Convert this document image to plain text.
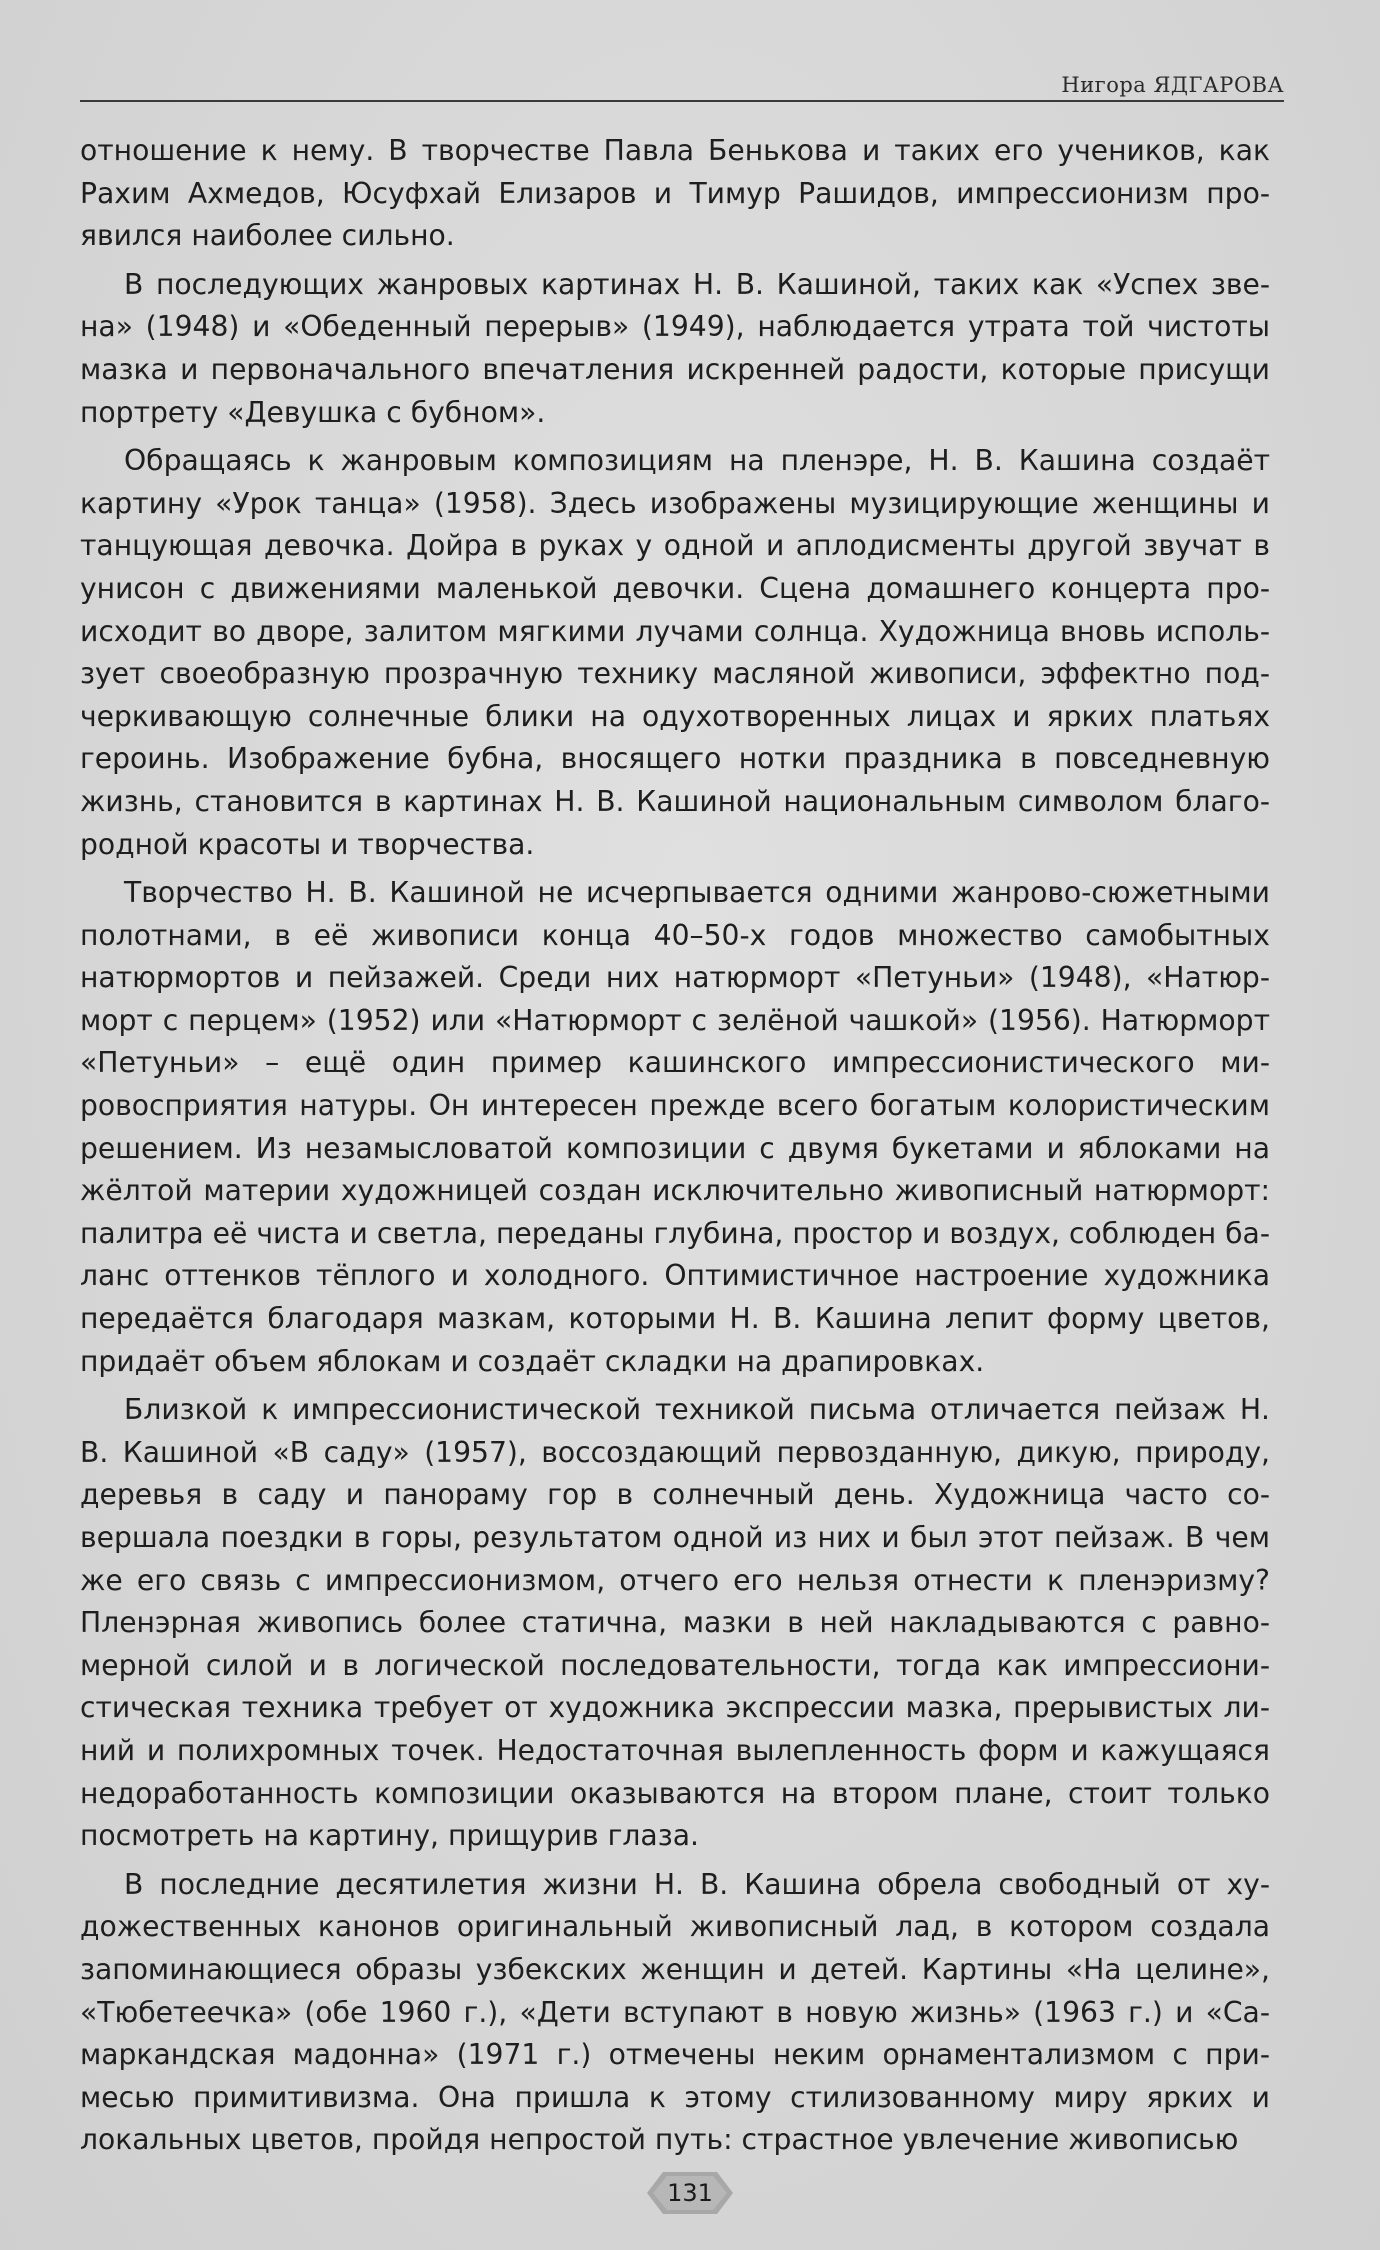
Нигора ЯДГАРОВА

отношение к нему. В творчестве Павла Бенькова и таких его учеников, как Рахим Ахмедов, Юсуфхай Елизаров и Тимур Рашидов, импрессионизм проявился наиболее сильно.

В последующих жанровых картинах Н. В. Кашиной, таких как «Успех звена» (1948) и «Обеденный перерыв» (1949), наблюдается утрата той чистоты мазка и первоначального впечатления искренней радости, которые присущи портрету «Девушка с бубном».

Обращаясь к жанровым композициям на пленэре, Н. В. Кашина создаёт картину «Урок танца» (1958). Здесь изображены музицирующие женщины и танцующая девочка. Дойра в руках у одной и аплодисменты другой звучат в унисон с движениями маленькой девочки. Сцена домашнего концерта происходит во дворе, залитом мягкими лучами солнца. Художница вновь использует своеобразную прозрачную технику масляной живописи, эффектно подчеркивающую солнечные блики на одухотворенных лицах и ярких платьях героинь. Изображение бубна, вносящего нотки праздника в повседневную жизнь, становится в картинах Н. В. Кашиной национальным символом благородной красоты и творчества.

Творчество Н. В. Кашиной не исчерпывается одними жанрово-сюжетными полотнами, в её живописи конца 40–50-х годов множество самобытных натюрмортов и пейзажей. Среди них натюрморт «Петуньи» (1948), «Натюрморт с перцем» (1952) или «Натюрморт с зелёной чашкой» (1956). Натюрморт «Петуньи» – ещё один пример кашинского импрессионистического мировосприятия натуры. Он интересен прежде всего богатым колористическим решением. Из незамысловатой композиции с двумя букетами и яблоками на жёлтой материи художницей создан исключительно живописный натюрморт: палитра её чиста и светла, переданы глубина, простор и воздух, соблюден баланс оттенков тёплого и холодного. Оптимистичное настроение художника передаётся благодаря мазкам, которыми Н. В. Кашина лепит форму цветов, придаёт объем яблокам и создаёт складки на драпировках.

Близкой к импрессионистической техникой письма отличается пейзаж Н. В. Кашиной «В саду» (1957), воссоздающий первозданную, дикую, природу, деревья в саду и панораму гор в солнечный день. Художница часто совершала поездки в горы, результатом одной из них и был этот пейзаж. В чем же его связь с импрессионизмом, отчего его нельзя отнести к пленэризму? Пленэрная живопись более статична, мазки в ней накладываются с равномерной силой и в логической последовательности, тогда как импрессионистическая техника требует от художника экспрессии мазка, прерывистых линий и полихромных точек. Недостаточная вылепленность форм и кажущаяся недоработанность композиции оказываются на втором плане, стоит только посмотреть на картину, прищурив глаза.

В последние десятилетия жизни Н. В. Кашина обрела свободный от художественных канонов оригинальный живописный лад, в котором создала запоминающиеся образы узбекских женщин и детей. Картины «На целине», «Тюбетеечка» (обе 1960 г.), «Дети вступают в новую жизнь» (1963 г.) и «Самаркандская мадонна» (1971 г.) отмечены неким орнаментализмом с примесью примитивизма. Она пришла к этому стилизованному миру ярких и локальных цветов, пройдя непростой путь: страстное увлечение живописью

131
